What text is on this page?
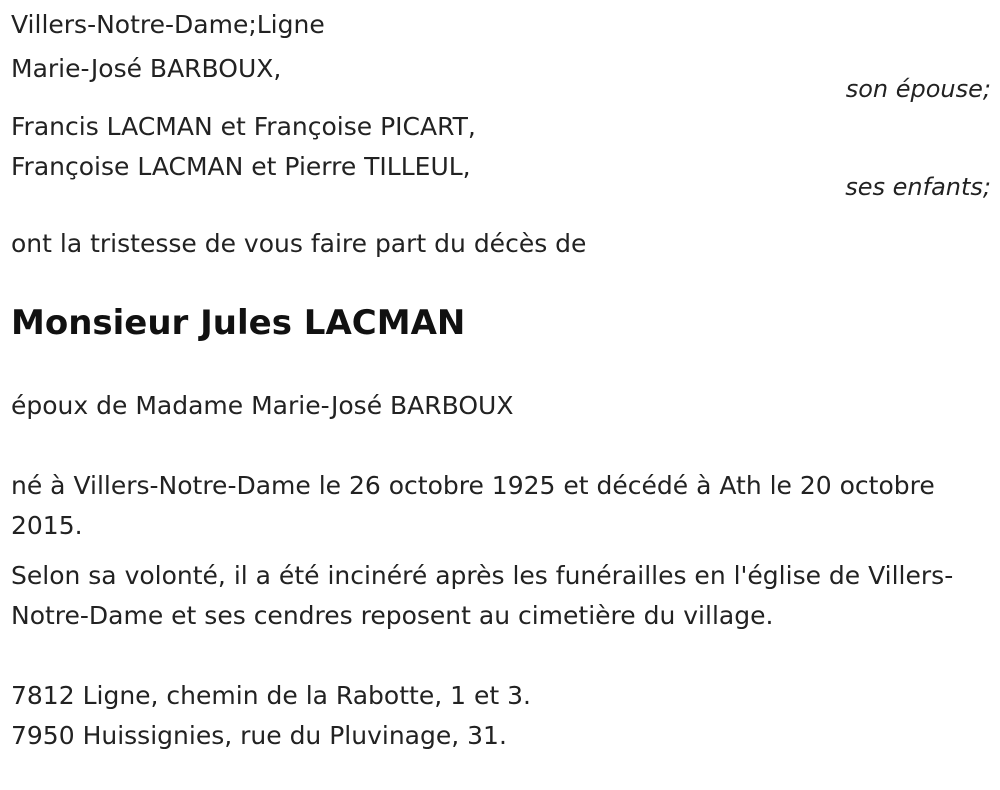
Villers-Notre-Dame;Ligne
Marie-José BARBOUX,
son épouse;
Francis LACMAN et Françoise PICART,
Françoise LACMAN et Pierre TILLEUL,
ses enfants;
ont la tristesse de vous faire part du décès de
Monsieur Jules LACMAN
époux de Madame Marie-José BARBOUX
né à Villers-Notre-Dame le 26 octobre 1925 et décédé à Ath le 20 octobre 2015.
Selon sa volonté, il a été incinéré après les funérailles en l'église de Villers-Notre-Dame et ses cendres reposent au cimetière du village.
7812 Ligne, chemin de la Rabotte, 1 et 3.
7950 Huissignies, rue du Pluvinage, 31.
